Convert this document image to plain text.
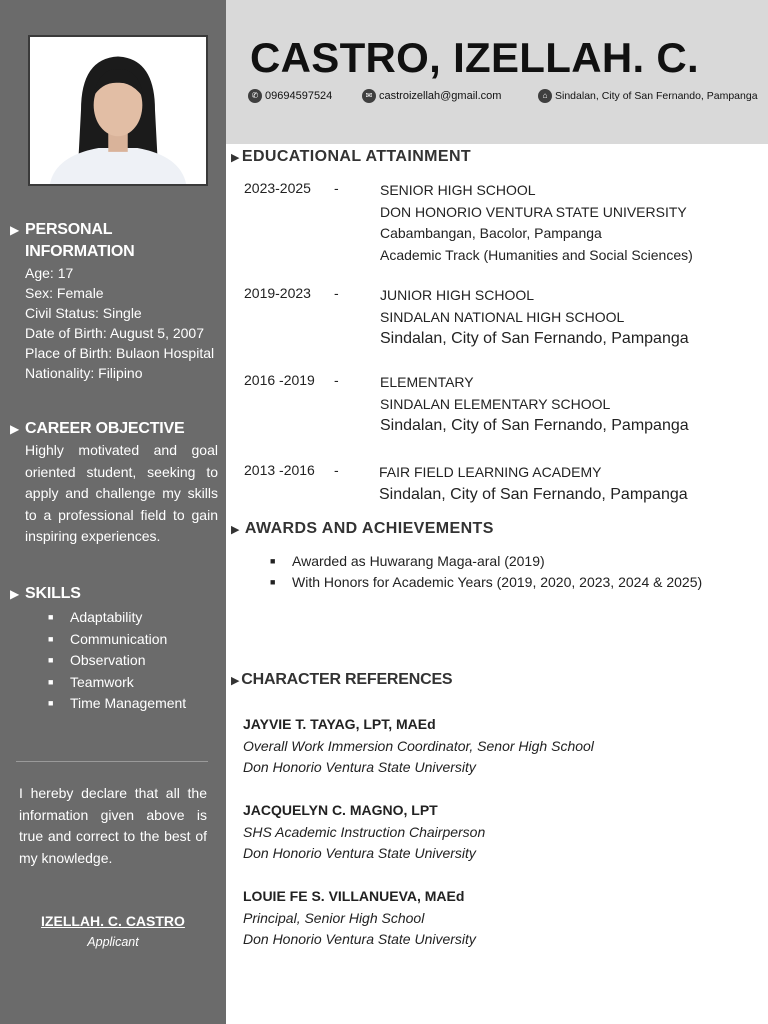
▶ PERSONAL INFORMATION
Age: 17
Sex: Female
Civil Status: Single
Date of Birth: August 5, 2007
Place of Birth: Bulaon Hospital
Nationality: Filipino
▶ CAREER OBJECTIVE
Highly motivated and goal oriented student, seeking to apply and challenge my skills to a professional field to gain inspiring experiences.
▶ SKILLS
■	Adaptability
■	Communication
■	Observation
■	Teamwork
■	Time Management
I hereby declare that all the information given above is true and correct to the best of my knowledge.
IZELLAH. C. CASTRO
Applicant
CASTRO, IZELLAH. C.
✆ 09694597524	✉ castroizellah@gmail.com	⌂ Sindalan, City of San Fernando, Pampanga
▶ EDUCATIONAL ATTAINMENT
2023-2025 -	SENIOR HIGH SCHOOL
DON HONORIO VENTURA STATE UNIVERSITY
Cabambangan, Bacolor, Pampanga
Academic Track (Humanities and Social Sciences)
2019-2023 -	JUNIOR HIGH SCHOOL
SINDALAN NATIONAL HIGH SCHOOL
Sindalan, City of San Fernando, Pampanga
2016 -2019 -	ELEMENTARY
SINDALAN ELEMENTARY SCHOOL
Sindalan, City of San Fernando, Pampanga
2013 -2016 -	FAIR FIELD LEARNING ACADEMY
Sindalan, City of San Fernando, Pampanga
▶ AWARDS AND ACHIEVEMENTS
■	Awarded as Huwarang Maga-aral (2019)
■	With Honors for Academic Years (2019, 2020, 2023, 2024 & 2025)
▶ CHARACTER REFERENCES
JAYVIE T. TAYAG, LPT, MAEd
Overall Work Immersion Coordinator, Senor High School
Don Honorio Ventura State University
JACQUELYN C. MAGNO, LPT
SHS Academic Instruction Chairperson
Don Honorio Ventura State University
LOUIE FE S. VILLANUEVA, MAEd
Principal, Senior High School
Don Honorio Ventura State University
